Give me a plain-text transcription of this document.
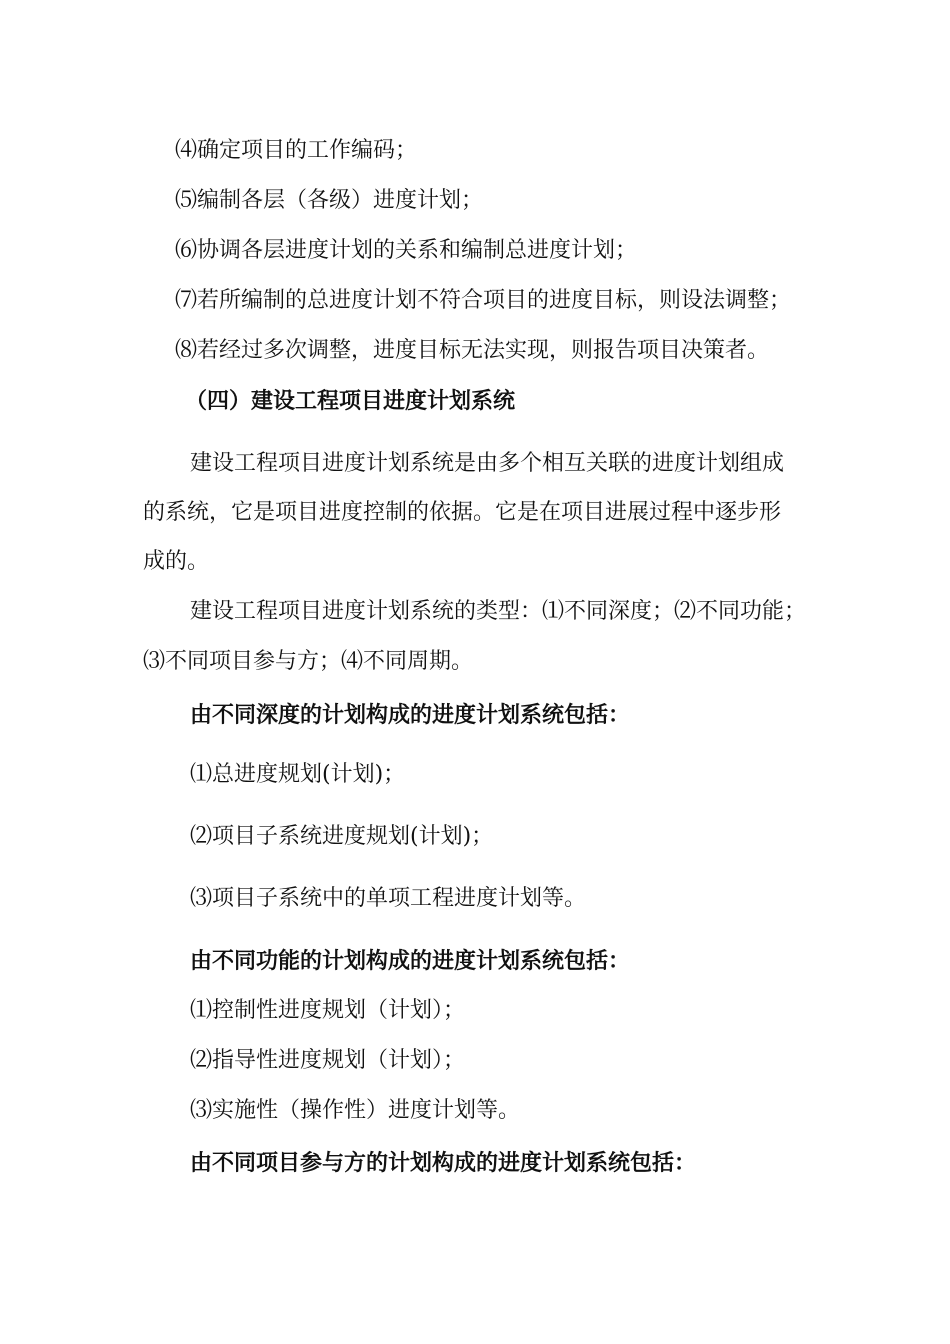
⑷确定项目的工作编码；
⑸编制各层（各级）进度计划；
⑹协调各层进度计划的关系和编制总进度计划；
⑺若所编制的总进度计划不符合项目的进度目标，则设法调整；
⑻若经过多次调整，进度目标无法实现，则报告项目决策者。
（四）建设工程项目进度计划系统
建设工程项目进度计划系统是由多个相互关联的进度计划组成
的系统，它是项目进度控制的依据。它是在项目进展过程中逐步形
成的。
建设工程项目进度计划系统的类型：⑴不同深度；⑵不同功能；
⑶不同项目参与方；⑷不同周期。
由不同深度的计划构成的进度计划系统包括：
⑴总进度规划(计划)；
⑵项目子系统进度规划(计划)；
⑶项目子系统中的单项工程进度计划等。
由不同功能的计划构成的进度计划系统包括：
⑴控制性进度规划（计划）；
⑵指导性进度规划（计划）；
⑶实施性（操作性）进度计划等。
由不同项目参与方的计划构成的进度计划系统包括：
